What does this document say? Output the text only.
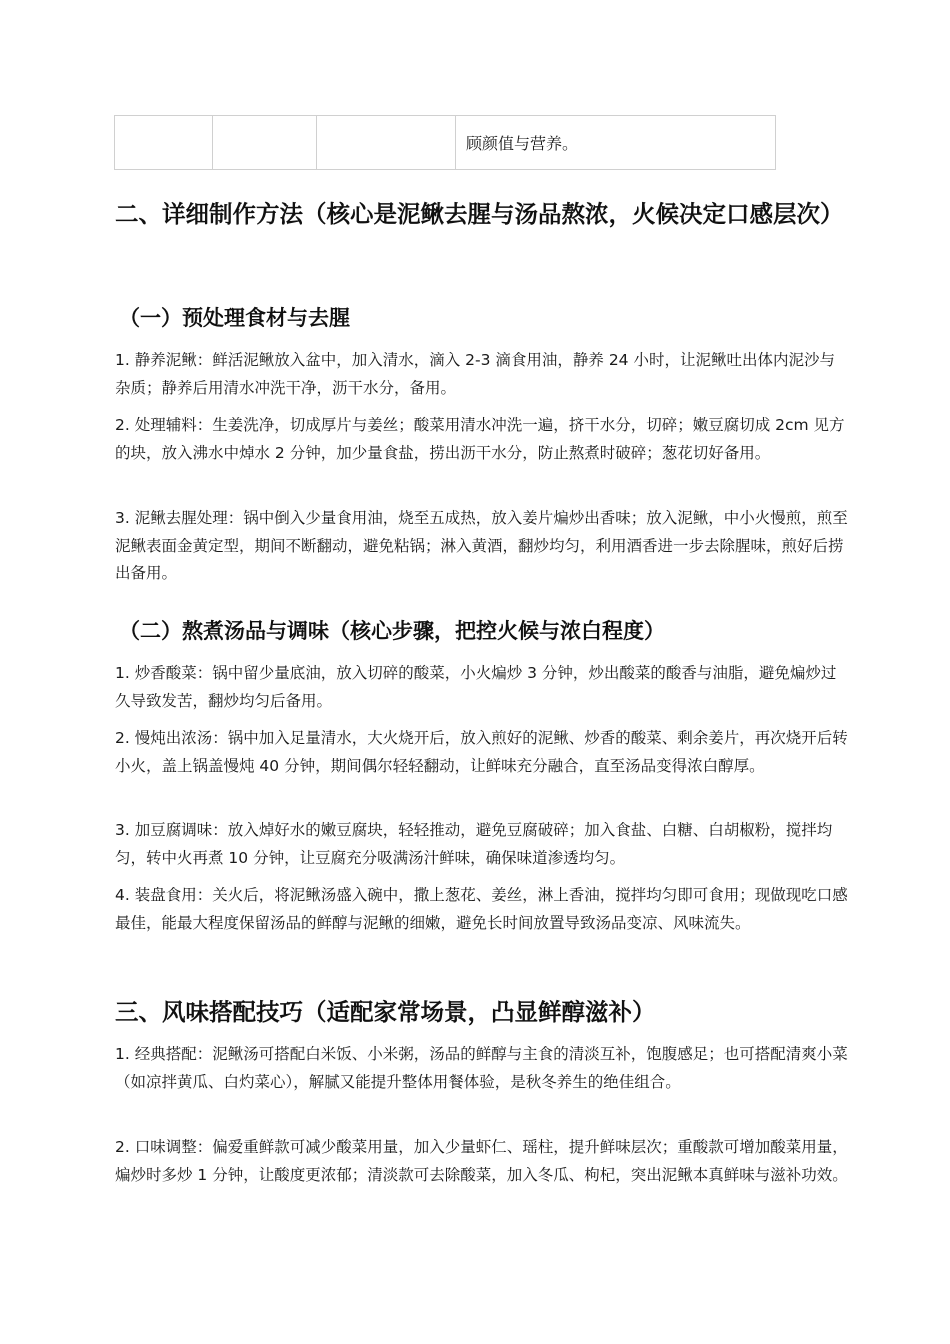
			顾颜值与营养。
二、详细制作方法（核心是泥鳅去腥与汤品熬浓，火候决定口感层次）
（一）预处理食材与去腥
1. 静养泥鳅：鲜活泥鳅放入盆中，加入清水，滴入 2-3 滴食用油，静养 24 小时，让泥鳅吐出体内泥沙与杂质；静养后用清水冲洗干净，沥干水分，备用。
2. 处理辅料：生姜洗净，切成厚片与姜丝；酸菜用清水冲洗一遍，挤干水分，切碎；嫩豆腐切成 2cm 见方的块，放入沸水中焯水 2 分钟，加少量食盐，捞出沥干水分，防止熬煮时破碎；葱花切好备用。
3. 泥鳅去腥处理：锅中倒入少量食用油，烧至五成热，放入姜片煸炒出香味；放入泥鳅，中小火慢煎，煎至泥鳅表面金黄定型，期间不断翻动，避免粘锅；淋入黄酒，翻炒均匀，利用酒香进一步去除腥味，煎好后捞出备用。
（二）熬煮汤品与调味（核心步骤，把控火候与浓白程度）
1. 炒香酸菜：锅中留少量底油，放入切碎的酸菜，小火煸炒 3 分钟，炒出酸菜的酸香与油脂，避免煸炒过久导致发苦，翻炒均匀后备用。
2. 慢炖出浓汤：锅中加入足量清水，大火烧开后，放入煎好的泥鳅、炒香的酸菜、剩余姜片，再次烧开后转小火，盖上锅盖慢炖 40 分钟，期间偶尔轻轻翻动，让鲜味充分融合，直至汤品变得浓白醇厚。
3. 加豆腐调味：放入焯好水的嫩豆腐块，轻轻推动，避免豆腐破碎；加入食盐、白糖、白胡椒粉，搅拌均匀，转中火再煮 10 分钟，让豆腐充分吸满汤汁鲜味，确保味道渗透均匀。
4. 装盘食用：关火后，将泥鳅汤盛入碗中，撒上葱花、姜丝，淋上香油，搅拌均匀即可食用；现做现吃口感最佳，能最大程度保留汤品的鲜醇与泥鳅的细嫩，避免长时间放置导致汤品变凉、风味流失。
三、风味搭配技巧（适配家常场景，凸显鲜醇滋补）
1. 经典搭配：泥鳅汤可搭配白米饭、小米粥，汤品的鲜醇与主食的清淡互补，饱腹感足；也可搭配清爽小菜（如凉拌黄瓜、白灼菜心），解腻又能提升整体用餐体验，是秋冬养生的绝佳组合。
2. 口味调整：偏爱重鲜款可减少酸菜用量，加入少量虾仁、瑶柱，提升鲜味层次；重酸款可增加酸菜用量，煸炒时多炒 1 分钟，让酸度更浓郁；清淡款可去除酸菜，加入冬瓜、枸杞，突出泥鳅本真鲜味与滋补功效。
